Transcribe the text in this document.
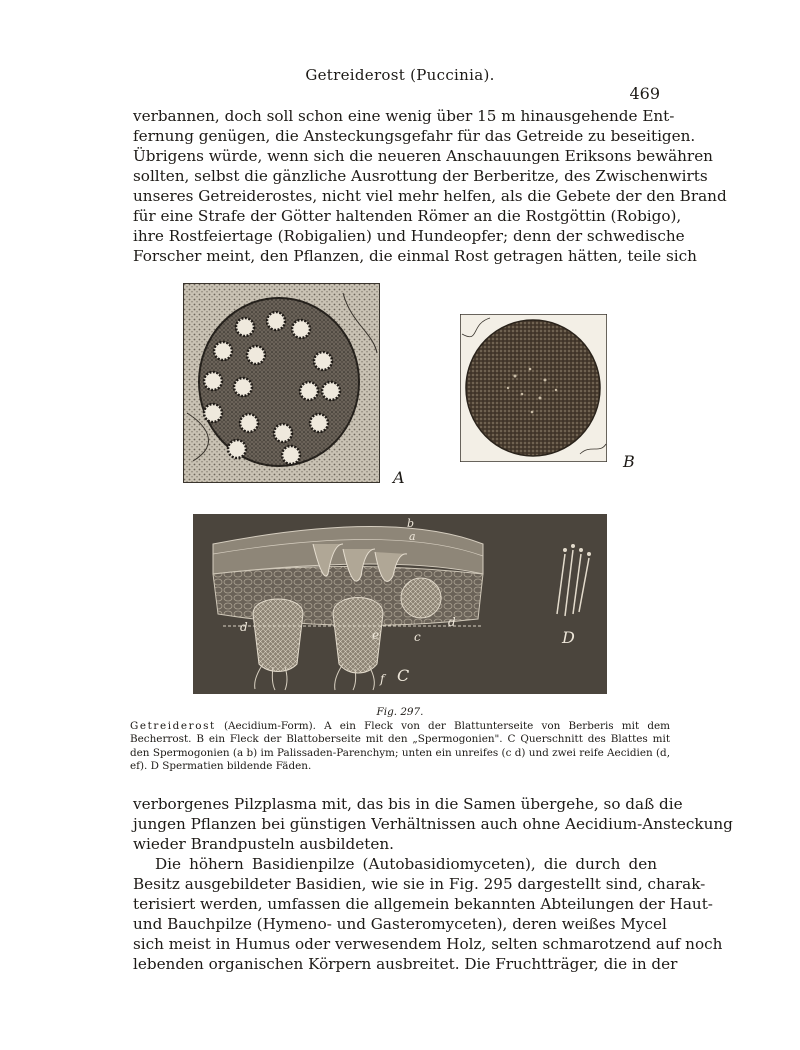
Getreiderost (Puccinia).
469
verbannen, doch soll schon eine wenig über 15 m hinausgehende Ent-
fernung genügen, die Ansteckungsgefahr für das Getreide zu beseitigen.
Übrigens würde, wenn sich die neueren Anschauungen Eriksons bewähren
sollten, selbst die gänzliche Ausrottung der Berberitze, des Zwischenwirts
unseres Getreiderostes, nicht viel mehr helfen, als die Gebete der den Brand
für eine Strafe der Götter haltenden Römer an die Rostgöttin (Robigo),
ihre Rostfeiertage (Robigalien) und Hundeopfer; denn der schwedische
Forscher meint, den Pflanzen, die einmal Rost getragen hätten, teile sich
A
B
b
a
d
e	c
d
f C
D
Fig. 297.
Getreiderost (Aecidium-Form). A ein Fleck von der Blattunterseite von Berberis mit dem Becherrost. B ein Fleck der Blattoberseite mit den „Spermogonien". C Querschnitt des Blattes mit den Spermogonien (a b) im Palissaden-Parenchym; unten ein unreifes (c d) und zwei reife Aecidien (d, ef). D Spermatien bildende Fäden.
verborgenes Pilzplasma mit, das bis in die Samen übergehe, so daß die
jungen Pflanzen bei günstigen Verhältnissen auch ohne Aecidium-Ansteckung
wieder Brandpusteln ausbildeten.
Die höhern Basidienpilze (Autobasidiomyceten), die durch den
Besitz ausgebildeter Basidien, wie sie in Fig. 295 dargestellt sind, charak-
terisiert werden, umfassen die allgemein bekannten Abteilungen der Haut-
und Bauchpilze (Hymeno- und Gasteromyceten), deren weißes Mycel
sich meist in Humus oder verwesendem Holz, selten schmarotzend auf noch
lebenden organischen Körpern ausbreitet. Die Fruchtträger, die in der
